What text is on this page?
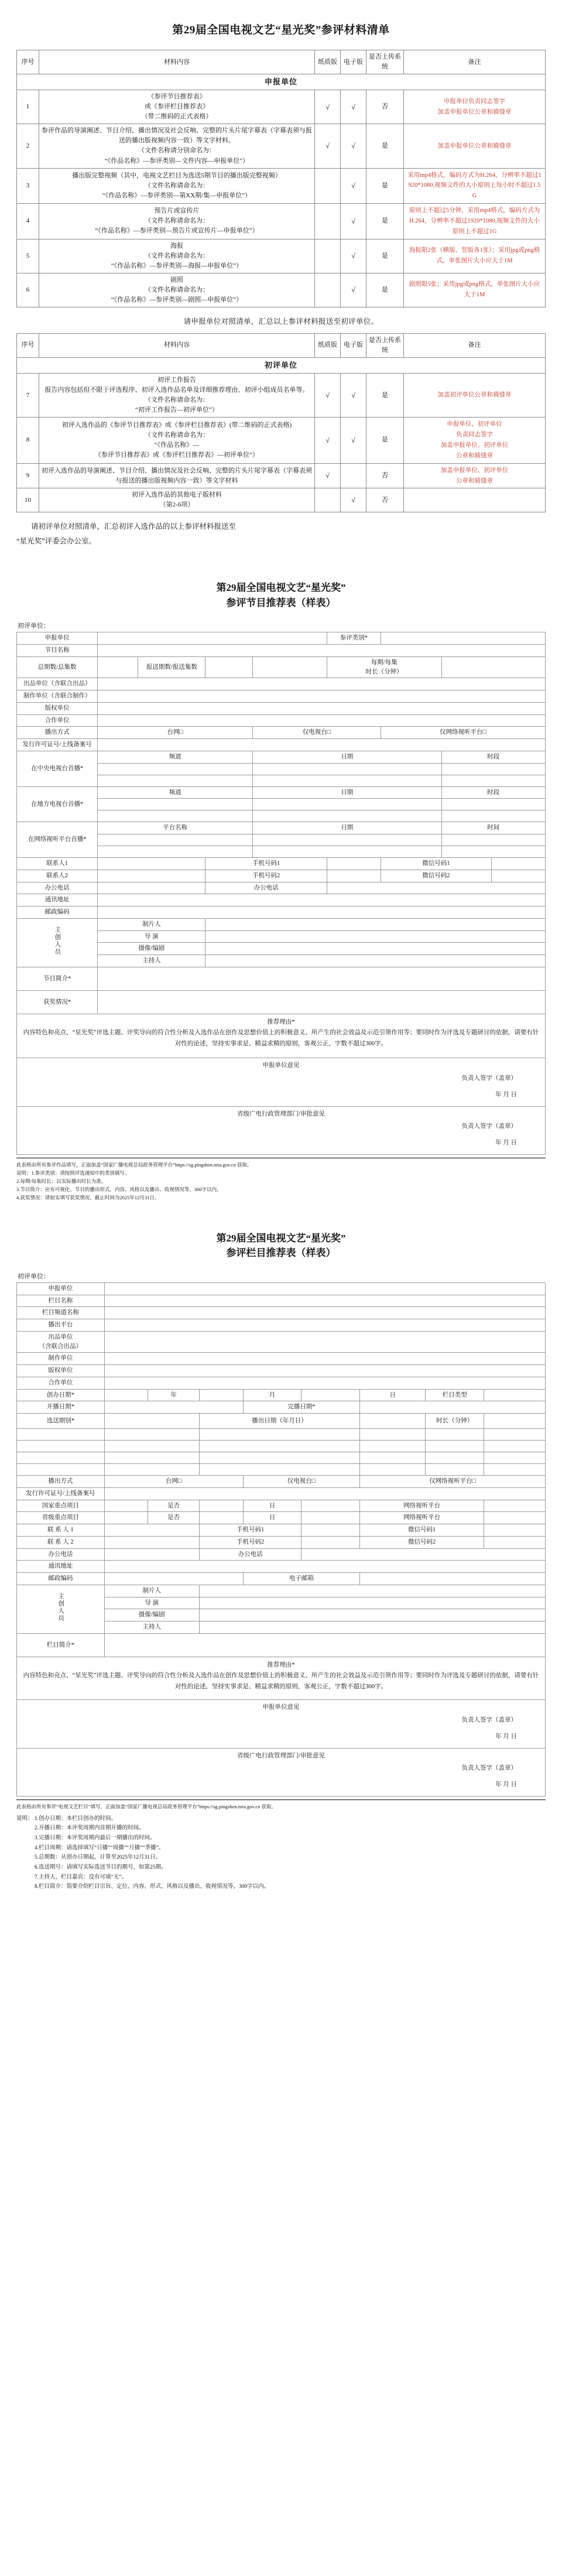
第29届全国电视文艺“星光奖”参评材料清单
序号	材料内容	纸质版	电子版	是否上传系统	备注
申报单位					
1	《参评节目推荐表》
或《参评栏目推荐表》
（带二维码的正式表格）	√	√	否	申报单位负责同志签字
加盖申报单位公章和骑缝章
2	参评作品的导演阐述、节目介绍、播出情况及社会反响、完整的片头片尾字幕表（字幕表须与报送的播出版视频内容一致）等文字材料。
（文件名称请分别命名为：
“《作品名称》—参评类别—文件内容—申报单位”）	√	√	是	加盖申报单位公章和骑缝章
3	播出版完整视频（其中，电视文艺栏目为选送5期节目的播出版完整视频）
（文件名称请命名为：
“《作品名称》—参评类别—第XX期/集—申报单位”）		√	是	采用mp4格式，编码方式为H.264，分辨率不超过1920*1080,视频文件的大小原则上每小时不超过1.5G
4	预告片或宣传片
（文件名称请命名为：
“《作品名称》—参评类别—预告片或宣传片—申报单位”）		√	是	原则上不超过5分钟，采用mp4格式，编码方式为H.264，分辨率不超过1920*1080,视频文件的大小原则上不超过1G
5	海报
（文件名称请命名为：
“《作品名称》—参评类别—海报—申报单位”）		√	是	海报限2张（横版、竖版各1张）；采用jpg或png格式，单张图片大小应大于1M
6	剧照
（文件名称请命名为：
“《作品名称》—参评类别—剧照—申报单位”）		√	是	剧照限5张；采用jpg或png格式，单张图片大小应大于1M
请申报单位对照清单，汇总以上参评材料报送至初评单位。
序号	材料内容	纸质版	电子版	是否上传系统	备注
初评单位					
7	初评工作报告
报告内容包括但不限于评选程序、初评入选作品名单及详细推荐理由、初评小组成员名单等。
（文件名称请命名为：
“初评工作报告—初评单位”）	√	√	是	加盖初评单位公章和骑缝章
8	初评入选作品的《参评节目推荐表》或《参评栏目推荐表》(带二维码的正式表格)
（文件名称请命名为：
“《作品名称》—
《参评节目推荐表》或《参评栏目推荐表》—初评单位”）	√	√	是	申报单位、初评单位
负责同志签字
加盖申报单位、初评单位
公章和骑缝章
9	初评入选作品的导演阐述、节目介绍、播出情况及社会反响、完整的片头片尾字幕表（字幕表须与报送的播出版视频内容一致）等文字材料	√		否	加盖申报单位、初评单位
公章和骑缝章
10	初评入选作品的其他电子版材料
（第2-6项）		√	否	
请初评单位对照清单，汇总初评入选作品的以上参评材料报送至
“星光奖”评委会办公室。
第29届全国电视文艺“星光奖”
参评节目推荐表（样表）
初评单位：
申报单位					参评类别*			
节目名称								
总期数/总集数		报送期数/报送集数			每期/每集
时长（分钟）			
出品单位（含联合出品）								
制作单位（含联合制作）								
版权单位								
合作单位								
播出方式	台网□			仅电视台□		仅网络视听平台□		
发行许可证号/上线备案号								
在中央电视台首播*	频道			日期			时段	

在地方电视台首播*	频道			日期			时段	

在网络视听平台首播*	平台名称			日期			时间	

联系人1			手机号码1			微信号码1		
联系人2			手机号码2			微信号码2		
办公电话			办公电话					
通讯地址								
邮政编码								
主创人员	制片人							
	导 演							
	摄像/编剧							
	主持人							
节目简介*								
获奖情况*								
推荐理由*
内容特色和亮点、“星光奖”评选主题、评奖导向的符合性分析及入选作品在创作及思想价值上的积极意义、所产生的社会效益及示范引领作用等；要同时作为评选及专题研讨的依据，请要有针对性的论述，坚持实事求是、精益求精的原则，客观公正，字数不超过300字。								

申报单位意见
负责人签字（盖章）
年 月 日								

省级广电行政管理部门/审批意见
负责人签字（盖章）
年 月 日								
此表格由所有参评作品填写，正面加盖“国家广播电视总局政务管理平台”https://sg.pingshen.nrta.gov.cn 获取。
说明：1.参评类别：请按照评选通知中的类别填写。
2.每期/每集时长：以实际播出时长为准。
3.节目简介：应有可视化、节目的播出形式、内容、风格以及播出、收视情况等，300字以内。
4.获奖情况：请如实填写获奖情况，截止时间为2025年12月31日。
第29届全国电视文艺“星光奖”
参评栏目推荐表（样表）
初评单位：
申报单位								
栏目名称								
栏目频道名称								
播出平台								
出品单位
（含联合出品）								
制作单位								
版权单位								
合作单位								
创办日期*		年		月		日	栏目类型	
开播日期*				完播日期*				
选送期别*			播出日期（年月日）				时长（分钟）	

播出方式	台网□			仅电视台□		仅网络视听平台□		
发行许可证号/上线备案号								
国家重点项目		是否		日		网络视听平台		
省级重点项目		是否		日		网络视听平台		
联 系 人 1			手机号码1			微信号码1		
联 系 人 2			手机号码2			微信号码2		
办公电话			办公电话					
通讯地址								
邮政编码				电子邮箱				
主创人员	制片人							
	导 演							
	摄像/编剧							
	主持人							
栏目简介*								
推荐理由*
内容特色和亮点、“星光奖”评选主题、评奖导向的符合性分析及入选作品在创作及思想价值上的积极意义、所产生的社会效益及示范引领作用等；要同时作为评选及专题研讨的依据，请要有针对性的论述，坚持实事求是、精益求精的原则，客观公正，字数不超过300字。								

申报单位意见
负责人签字（盖章）
年 月 日								

省级广电行政管理部门/审批意见
负责人签字（盖章）
年 月 日								
此表格由所有参评“电视文艺栏目”填写，正面加盖“国家广播电视总局政务管理平台”https://sg.pingshen.nrta.gov.cn 获取。
说明： 1.创办日期：本栏目创办的时间。
2.开播日期：本评奖周期内首期开播的时间。
3.完播日期：本评奖周期内最后一期播出的时间。
4.栏目周期：请选择填写“日播”“周播”“月播”“季播”。
5.总期数：从创办日期起，计算至2025年12月31日。
6.选送期号：请填写实际选送节目的期号，如第25期。
7.主持人、栏目嘉宾：没有可填“无”。
8.栏目简介：简要介绍栏目宗旨、定位、内容、形式、风格以及播出、收视情况等，300字以内。
